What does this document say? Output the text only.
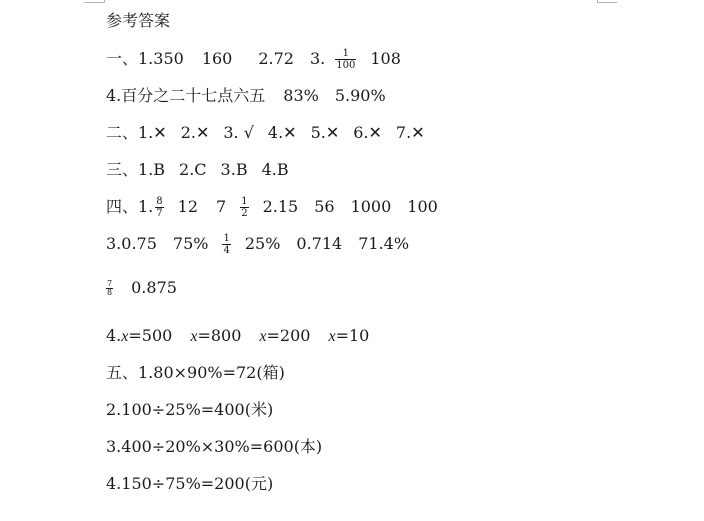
参考答案
一、1.350 160 2.72 3. $\frac{1}{100} 108$
4.百分之二十七点六五 83% 5.90%
二、1.✕ 2.✕ 3. √ 4.✕ 5.✕ 6.✕ 7.✕
三、1.B 2.C 3.B 4.B
四、1. $\frac{8}{7} 12$ $7 \frac{1}{2} 2.15$ 56 1000 100
3.0.75 $75\% \frac{1}{4} 25\%$ 0.714 71.4%
$\frac{7}{8} 0.875$
4.x=500 x=800 x=200 x=10
五、1.80×90%=72(箱)
2.100÷25%=400(米)
3.400÷20%×30%=600(本)
4.150÷75%=200(元)
